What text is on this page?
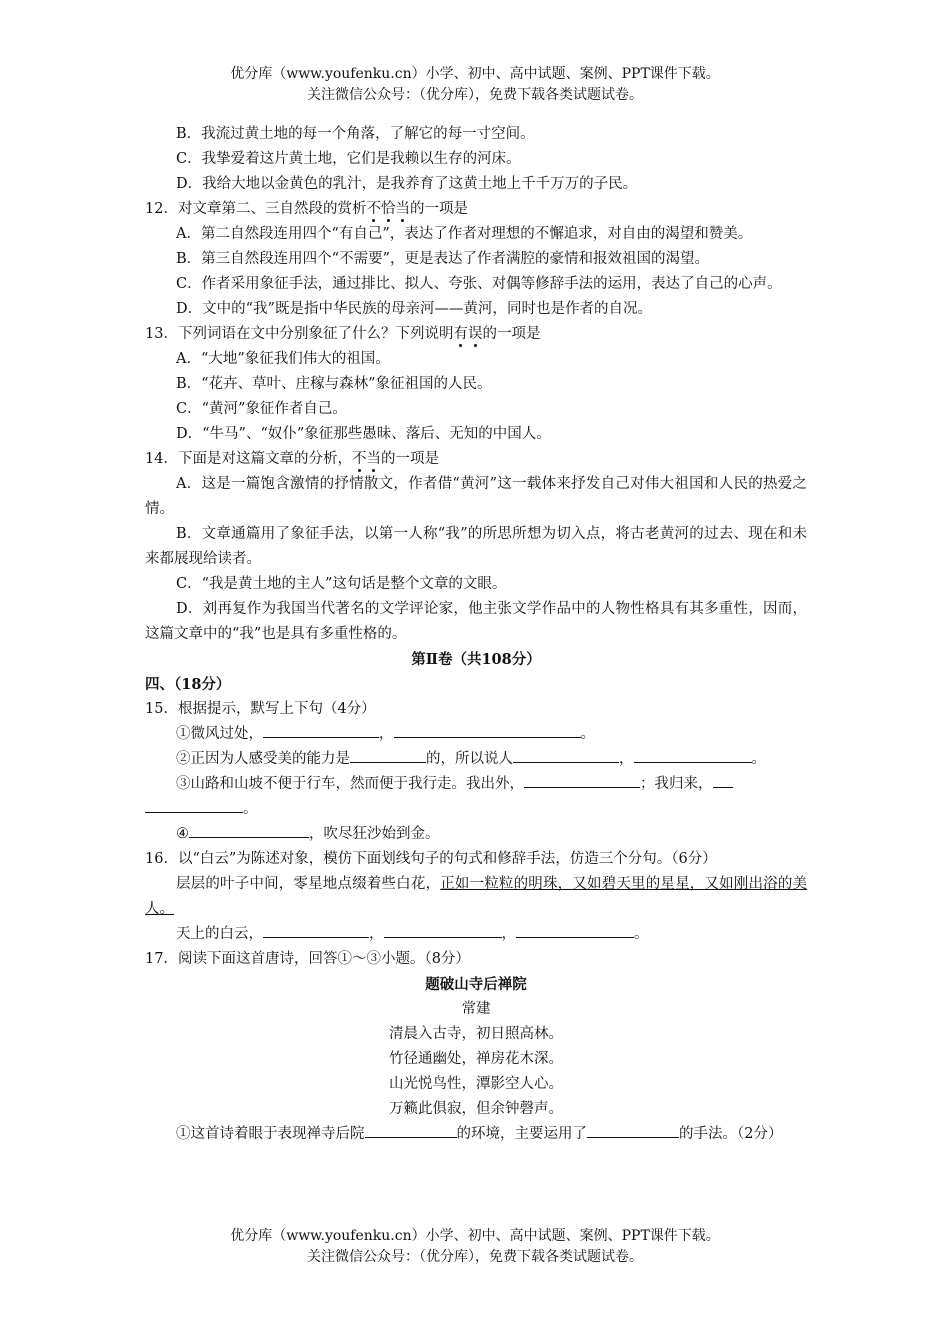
优分库（www.youfenku.cn）小学、初中、高中试题、案例、PPT课件下载。
关注微信公众号：（优分库），免费下载各类试题试卷。
B．我流过黄土地的每一个角落，了解它的每一寸空间。
C．我挚爱着这片黄土地，它们是我赖以生存的河床。
D．我给大地以金黄色的乳汁，是我养育了这黄土地上千千万万的子民。
12．对文章第二、三自然段的赏析不恰当的一项是
A．第二自然段连用四个“有自己”，表达了作者对理想的不懈追求，对自由的渴望和赞美。
B．第三自然段连用四个“不需要”，更是表达了作者满腔的豪情和报效祖国的渴望。
C．作者采用象征手法，通过排比、拟人、夸张、对偶等修辞手法的运用，表达了自己的心声。
D．文中的“我”既是指中华民族的母亲河——黄河，同时也是作者的自况。
13．下列词语在文中分别象征了什么？下列说明有误的一项是
A．“大地”象征我们伟大的祖国。
B．“花卉、草叶、庄稼与森林”象征祖国的人民。
C．“黄河”象征作者自己。
D．“牛马”、“奴仆”象征那些愚昧、落后、无知的中国人。
14．下面是对这篇文章的分析，不当的一项是
A．这是一篇饱含激情的抒情散文，作者借“黄河”这一载体来抒发自己对伟大祖国和人民的热爱之情。
B．文章通篇用了象征手法，以第一人称“我”的所思所想为切入点，将古老黄河的过去、现在和未来都展现给读者。
C．“我是黄土地的主人”这句话是整个文章的文眼。
D．刘再复作为我国当代著名的文学评论家，他主张文学作品中的人物性格具有其多重性，因而，这篇文章中的“我”也是具有多重性格的。
第Ⅱ卷（共108分）
四、（18分）
15．根据提示，默写上下句（4分）
①微风过处，	，	。
②正因为人感受美的能力是	的，所以说人	，	。
③山路和山坡不便于行车，然而便于我行走。我出外，	；我归来，
。
④	，吹尽狂沙始到金。
16．以“白云”为陈述对象，模仿下面划线句子的句式和修辞手法，仿造三个分句。（6分）
层层的叶子中间，零星地点缀着些白花，正如一粒粒的明珠，又如碧天里的星星，又如刚出浴的美人。
天上的白云，	，	，	。
17．阅读下面这首唐诗，回答①～③小题。（8分）
题破山寺后禅院
常建
清晨入古寺，初日照高林。
竹径通幽处，禅房花木深。
山光悦鸟性，潭影空人心。
万籁此俱寂，但余钟磬声。
①这首诗着眼于表现禅寺后院	的环境，主要运用了	的手法。（2分）
优分库（www.youfenku.cn）小学、初中、高中试题、案例、PPT课件下载。
关注微信公众号：（优分库），免费下载各类试题试卷。
